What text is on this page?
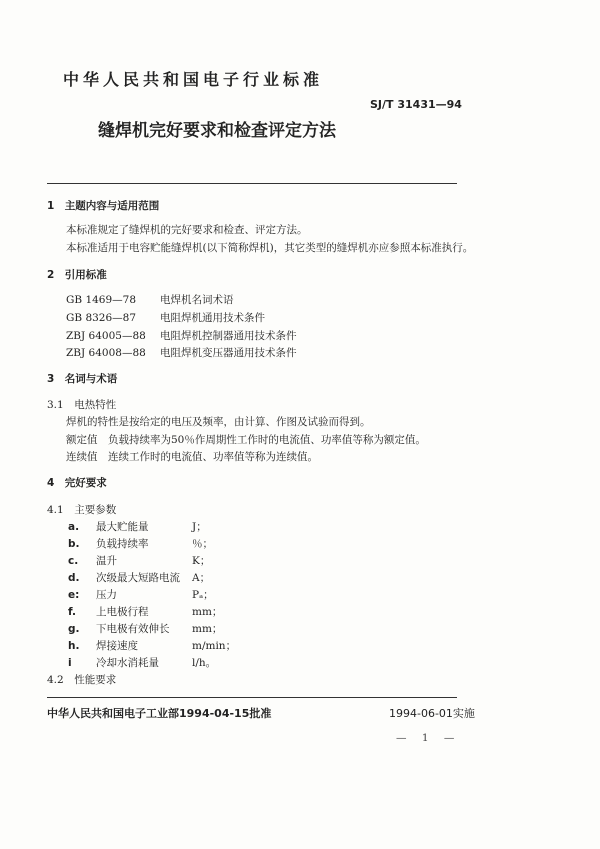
中华人民共和国电子行业标准
SJ/T 31431—94
缝焊机完好要求和检查评定方法
1　主题内容与适用范围
本标准规定了缝焊机的完好要求和检查、评定方法。
本标准适用于电容贮能缝焊机(以下简称焊机)，其它类型的缝焊机亦应参照本标准执行。
2　引用标准
GB 1469—78 电焊机名词术语
GB 8326—87 电阻焊机通用技术条件
ZBJ 64005—88 电阻焊机控制器通用技术条件
ZBJ 64008—88 电阻焊机变压器通用技术条件
3　名词与术语
3.1　电热特性
焊机的特性是按给定的电压及频率，由计算、作图及试验而得到。
额定值　负载持续率为50％作周期性工作时的电流值、功率值等称为额定值。
连续值　连续工作时的电流值、功率值等称为连续值。
4　完好要求
4.1　主要参数
a. 最大贮能量	J；
b. 负载持续率	％；
c. 温升	K；
d. 次级最大短路电流 A；
e: 压力	Pₐ；
f. 上电极行程	mm；
g. 下电极有效伸长 mm；
h. 焊接速度	m/min；
i 冷却水消耗量	l/h。
4.2　性能要求
中华人民共和国电子工业部1994-04-15批准	1994-06-01实施
— 1 —
